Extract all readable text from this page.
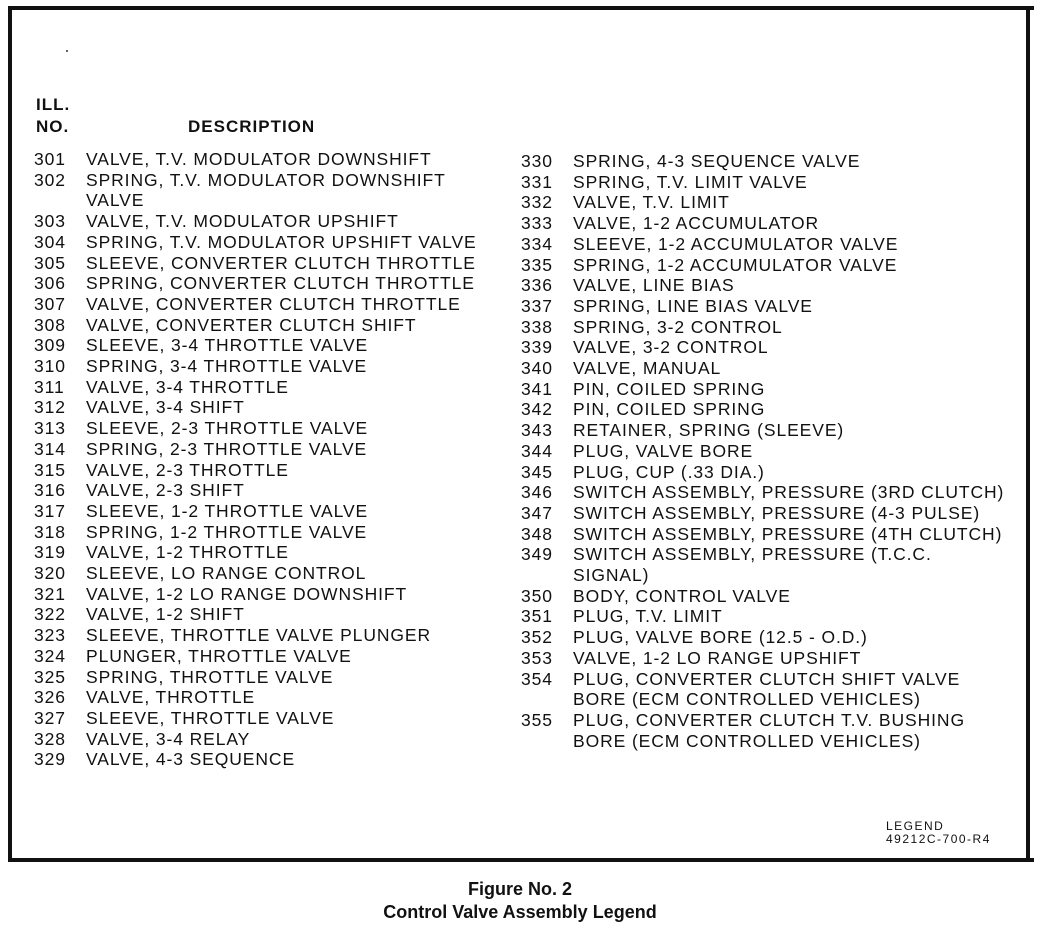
ILL.
NO.	DESCRIPTION
301	VALVE, T.V. MODULATOR DOWNSHIFT
302	SPRING, T.V. MODULATOR DOWNSHIFT
VALVE
303	VALVE, T.V. MODULATOR UPSHIFT
304	SPRING, T.V. MODULATOR UPSHIFT VALVE
305	SLEEVE, CONVERTER CLUTCH THROTTLE
306	SPRING, CONVERTER CLUTCH THROTTLE
307	VALVE, CONVERTER CLUTCH THROTTLE
308	VALVE, CONVERTER CLUTCH SHIFT
309	SLEEVE, 3-4 THROTTLE VALVE
310	SPRING, 3-4 THROTTLE VALVE
311	VALVE, 3-4 THROTTLE
312	VALVE, 3-4 SHIFT
313	SLEEVE, 2-3 THROTTLE VALVE
314	SPRING, 2-3 THROTTLE VALVE
315	VALVE, 2-3 THROTTLE
316	VALVE, 2-3 SHIFT
317	SLEEVE, 1-2 THROTTLE VALVE
318	SPRING, 1-2 THROTTLE VALVE
319	VALVE, 1-2 THROTTLE
320	SLEEVE, LO RANGE CONTROL
321	VALVE, 1-2 LO RANGE DOWNSHIFT
322	VALVE, 1-2 SHIFT
323	SLEEVE, THROTTLE VALVE PLUNGER
324	PLUNGER, THROTTLE VALVE
325	SPRING, THROTTLE VALVE
326	VALVE, THROTTLE
327	SLEEVE, THROTTLE VALVE
328	VALVE, 3-4 RELAY
329	VALVE, 4-3 SEQUENCE
330	SPRING, 4-3 SEQUENCE VALVE
331	SPRING, T.V. LIMIT VALVE
332	VALVE, T.V. LIMIT
333	VALVE, 1-2 ACCUMULATOR
334	SLEEVE, 1-2 ACCUMULATOR VALVE
335	SPRING, 1-2 ACCUMULATOR VALVE
336	VALVE, LINE BIAS
337	SPRING, LINE BIAS VALVE
338	SPRING, 3-2 CONTROL
339	VALVE, 3-2 CONTROL
340	VALVE, MANUAL
341	PIN, COILED SPRING
342	PIN, COILED SPRING
343	RETAINER, SPRING (SLEEVE)
344	PLUG, VALVE BORE
345	PLUG, CUP (.33 DIA.)
346	SWITCH ASSEMBLY, PRESSURE (3RD CLUTCH)
347	SWITCH ASSEMBLY, PRESSURE (4-3 PULSE)
348	SWITCH ASSEMBLY, PRESSURE (4TH CLUTCH)
349	SWITCH ASSEMBLY, PRESSURE (T.C.C.
SIGNAL)
350	BODY, CONTROL VALVE
351	PLUG, T.V. LIMIT
352	PLUG, VALVE BORE (12.5 - O.D.)
353	VALVE, 1-2 LO RANGE UPSHIFT
354	PLUG, CONVERTER CLUTCH SHIFT VALVE
BORE (ECM CONTROLLED VEHICLES)
355	PLUG, CONVERTER CLUTCH T.V. BUSHING
BORE (ECM CONTROLLED VEHICLES)
LEGEND
49212C-700-R4
Figure No. 2
Control Valve Assembly Legend
